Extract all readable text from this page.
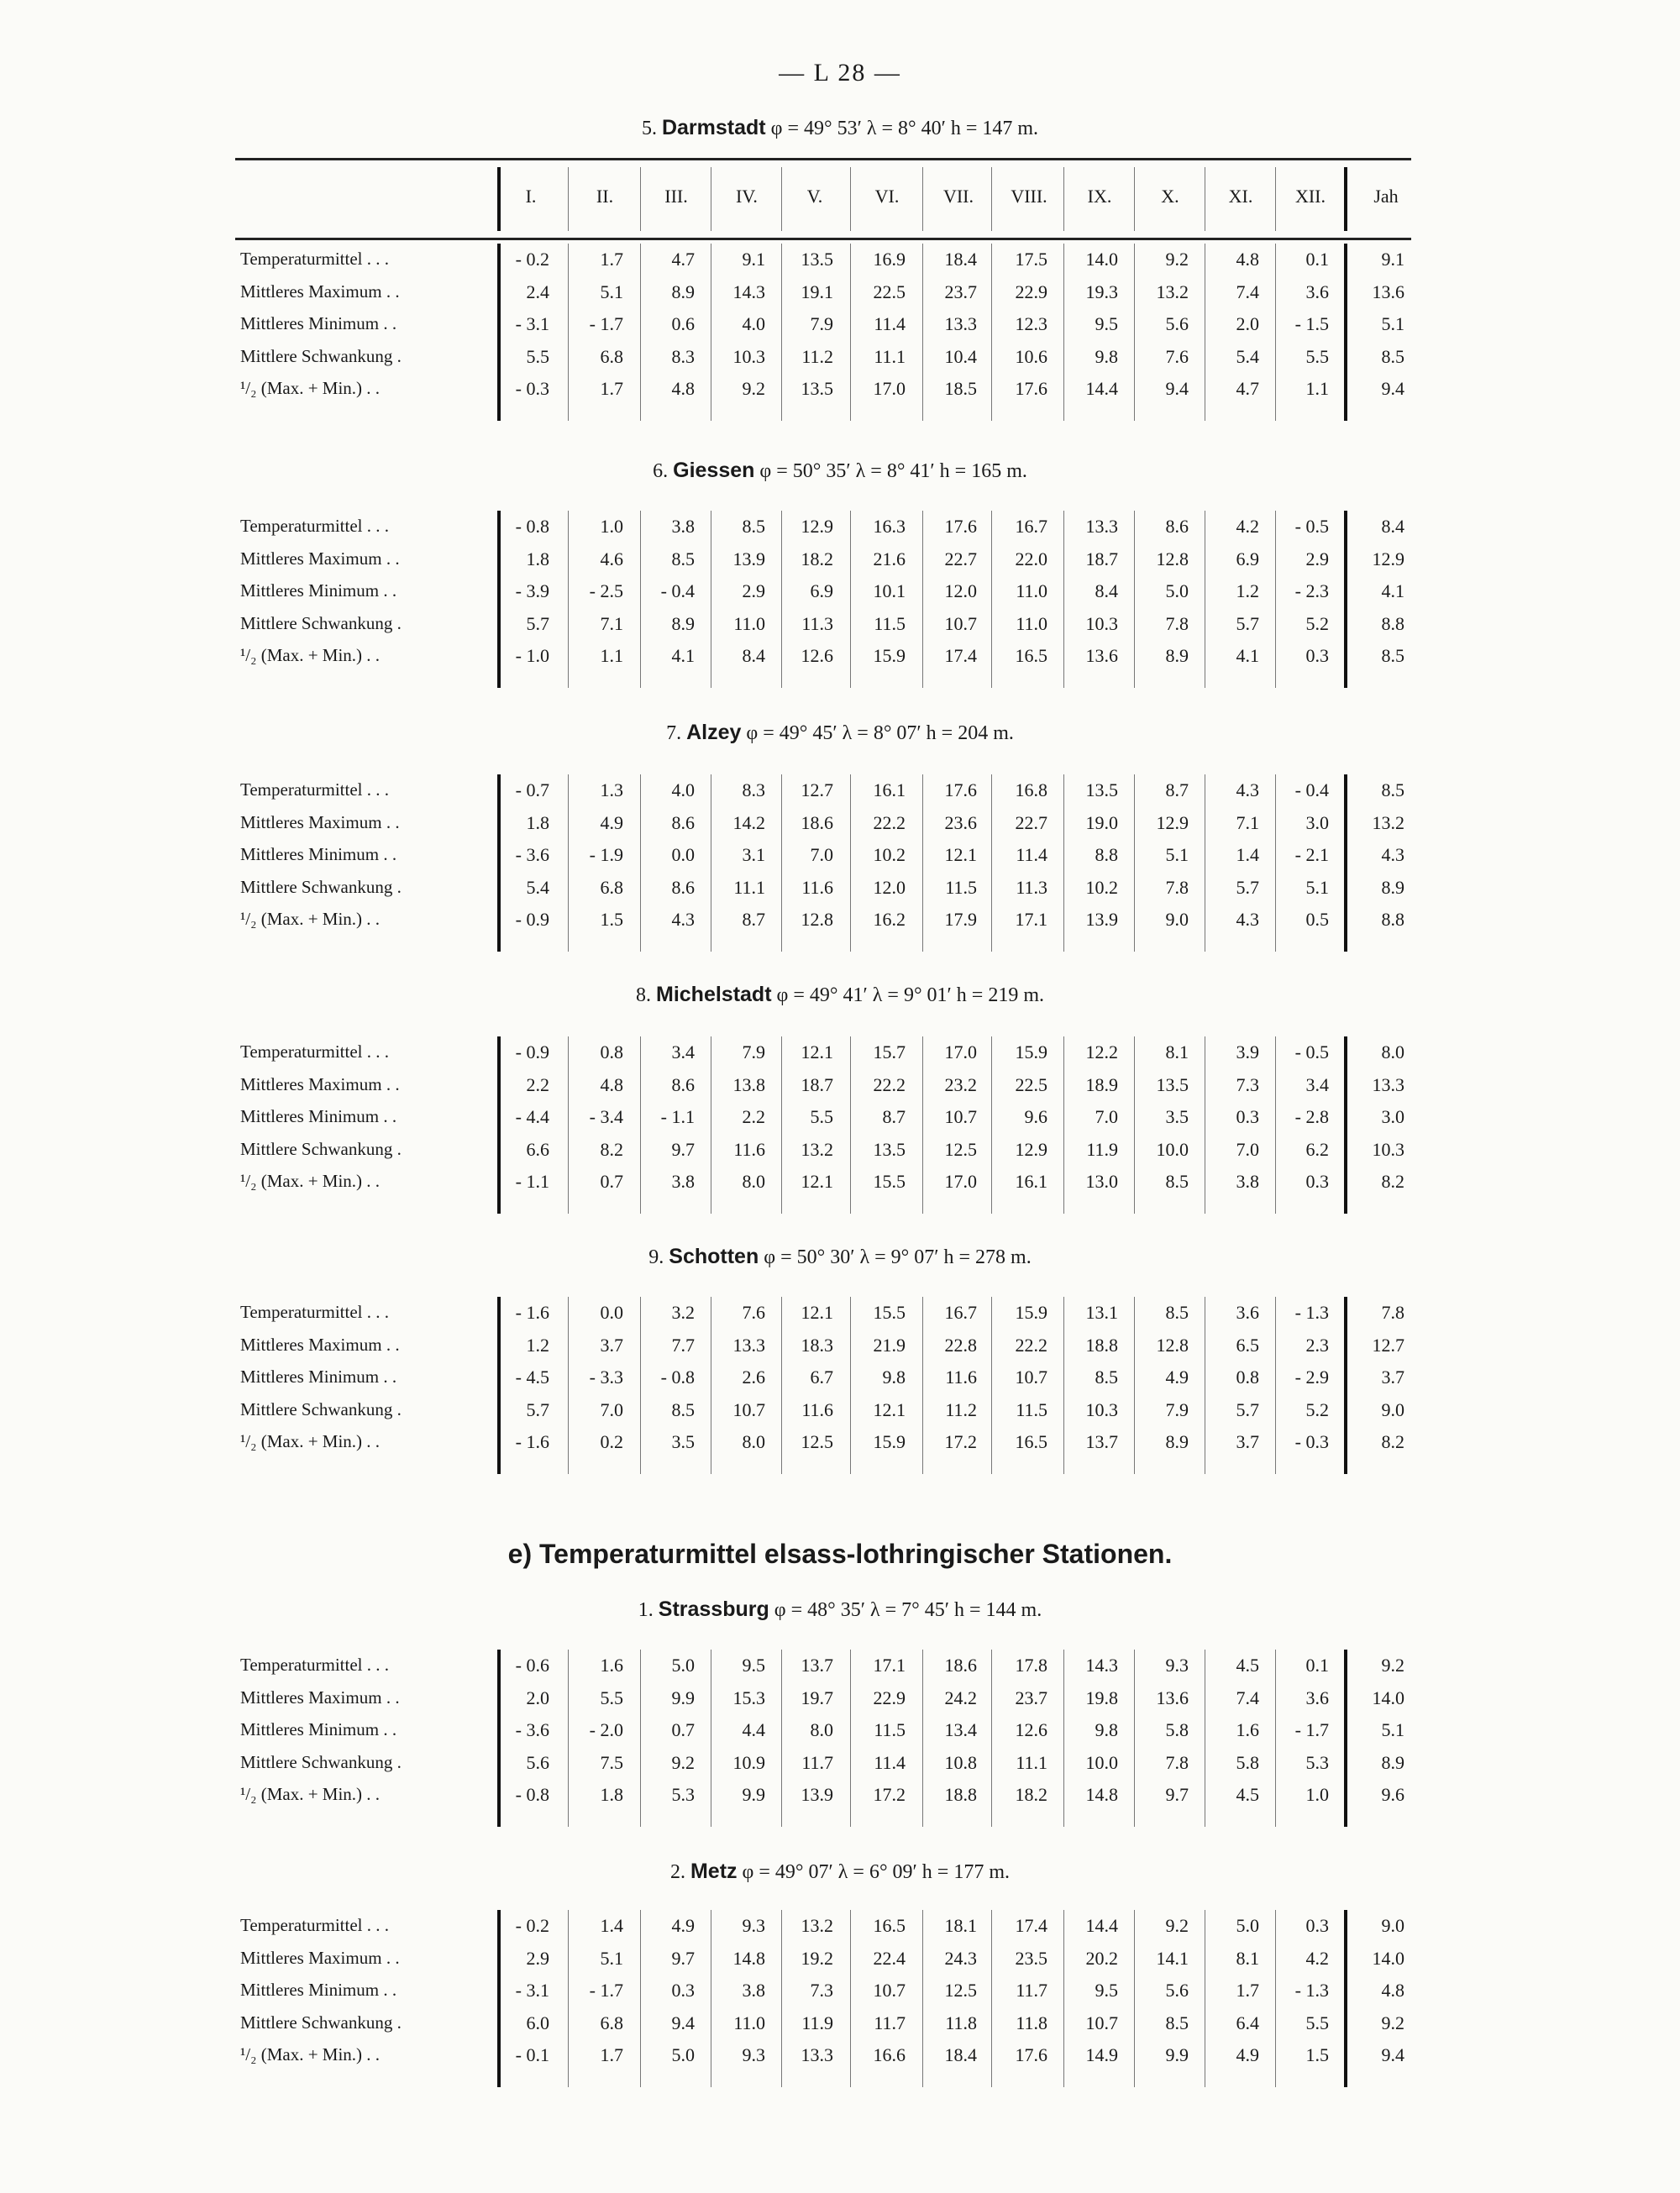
— L 28 —
I.	II.	III.	IV.	V.	VI.	VII.	VIII.	IX.	X.	XI.	XII.	Jah
e) Temperaturmittel elsass-lothringischer Stationen.
5. Darmstadt φ = 49° 53′ λ = 8° 40′ h = 147 m.
Temperaturmittel . . .	- 0.2	1.7	4.7	9.1	13.5	16.9	18.4	17.5	14.0	9.2	4.8	0.1	9.1
Mittleres Maximum . .	2.4	5.1	8.9	14.3	19.1	22.5	23.7	22.9	19.3	13.2	7.4	3.6	13.6
Mittleres Minimum . .	- 3.1	- 1.7	0.6	4.0	7.9	11.4	13.3	12.3	9.5	5.6	2.0	- 1.5	5.1
Mittlere Schwankung .	5.5	6.8	8.3	10.3	11.2	11.1	10.4	10.6	9.8	7.6	5.4	5.5	8.5
¹/₂ (Max. + Min.) . .	- 0.3	1.7	4.8	9.2	13.5	17.0	18.5	17.6	14.4	9.4	4.7	1.1	9.4
6. Giessen φ = 50° 35′ λ = 8° 41′ h = 165 m.
Temperaturmittel . . .	- 0.8	1.0	3.8	8.5	12.9	16.3	17.6	16.7	13.3	8.6	4.2	- 0.5	8.4
Mittleres Maximum . .	1.8	4.6	8.5	13.9	18.2	21.6	22.7	22.0	18.7	12.8	6.9	2.9	12.9
Mittleres Minimum . .	- 3.9	- 2.5	- 0.4	2.9	6.9	10.1	12.0	11.0	8.4	5.0	1.2	- 2.3	4.1
Mittlere Schwankung .	5.7	7.1	8.9	11.0	11.3	11.5	10.7	11.0	10.3	7.8	5.7	5.2	8.8
¹/₂ (Max. + Min.) . .	- 1.0	1.1	4.1	8.4	12.6	15.9	17.4	16.5	13.6	8.9	4.1	0.3	8.5
7. Alzey φ = 49° 45′ λ = 8° 07′ h = 204 m.
Temperaturmittel . . .	- 0.7	1.3	4.0	8.3	12.7	16.1	17.6	16.8	13.5	8.7	4.3	- 0.4	8.5
Mittleres Maximum . .	1.8	4.9	8.6	14.2	18.6	22.2	23.6	22.7	19.0	12.9	7.1	3.0	13.2
Mittleres Minimum . .	- 3.6	- 1.9	0.0	3.1	7.0	10.2	12.1	11.4	8.8	5.1	1.4	- 2.1	4.3
Mittlere Schwankung .	5.4	6.8	8.6	11.1	11.6	12.0	11.5	11.3	10.2	7.8	5.7	5.1	8.9
¹/₂ (Max. + Min.) . .	- 0.9	1.5	4.3	8.7	12.8	16.2	17.9	17.1	13.9	9.0	4.3	0.5	8.8
8. Michelstadt φ = 49° 41′ λ = 9° 01′ h = 219 m.
Temperaturmittel . . .	- 0.9	0.8	3.4	7.9	12.1	15.7	17.0	15.9	12.2	8.1	3.9	- 0.5	8.0
Mittleres Maximum . .	2.2	4.8	8.6	13.8	18.7	22.2	23.2	22.5	18.9	13.5	7.3	3.4	13.3
Mittleres Minimum . .	- 4.4	- 3.4	- 1.1	2.2	5.5	8.7	10.7	9.6	7.0	3.5	0.3	- 2.8	3.0
Mittlere Schwankung .	6.6	8.2	9.7	11.6	13.2	13.5	12.5	12.9	11.9	10.0	7.0	6.2	10.3
¹/₂ (Max. + Min.) . .	- 1.1	0.7	3.8	8.0	12.1	15.5	17.0	16.1	13.0	8.5	3.8	0.3	8.2
9. Schotten φ = 50° 30′ λ = 9° 07′ h = 278 m.
Temperaturmittel . . .	- 1.6	0.0	3.2	7.6	12.1	15.5	16.7	15.9	13.1	8.5	3.6	- 1.3	7.8
Mittleres Maximum . .	1.2	3.7	7.7	13.3	18.3	21.9	22.8	22.2	18.8	12.8	6.5	2.3	12.7
Mittleres Minimum . .	- 4.5	- 3.3	- 0.8	2.6	6.7	9.8	11.6	10.7	8.5	4.9	0.8	- 2.9	3.7
Mittlere Schwankung .	5.7	7.0	8.5	10.7	11.6	12.1	11.2	11.5	10.3	7.9	5.7	5.2	9.0
¹/₂ (Max. + Min.) . .	- 1.6	0.2	3.5	8.0	12.5	15.9	17.2	16.5	13.7	8.9	3.7	- 0.3	8.2
1. Strassburg φ = 48° 35′ λ = 7° 45′ h = 144 m.
Temperaturmittel . . .	- 0.6	1.6	5.0	9.5	13.7	17.1	18.6	17.8	14.3	9.3	4.5	0.1	9.2
Mittleres Maximum . .	2.0	5.5	9.9	15.3	19.7	22.9	24.2	23.7	19.8	13.6	7.4	3.6	14.0
Mittleres Minimum . .	- 3.6	- 2.0	0.7	4.4	8.0	11.5	13.4	12.6	9.8	5.8	1.6	- 1.7	5.1
Mittlere Schwankung .	5.6	7.5	9.2	10.9	11.7	11.4	10.8	11.1	10.0	7.8	5.8	5.3	8.9
¹/₂ (Max. + Min.) . .	- 0.8	1.8	5.3	9.9	13.9	17.2	18.8	18.2	14.8	9.7	4.5	1.0	9.6
2. Metz φ = 49° 07′ λ = 6° 09′ h = 177 m.
Temperaturmittel . . .	- 0.2	1.4	4.9	9.3	13.2	16.5	18.1	17.4	14.4	9.2	5.0	0.3	9.0
Mittleres Maximum . .	2.9	5.1	9.7	14.8	19.2	22.4	24.3	23.5	20.2	14.1	8.1	4.2	14.0
Mittleres Minimum . .	- 3.1	- 1.7	0.3	3.8	7.3	10.7	12.5	11.7	9.5	5.6	1.7	- 1.3	4.8
Mittlere Schwankung .	6.0	6.8	9.4	11.0	11.9	11.7	11.8	11.8	10.7	8.5	6.4	5.5	9.2
¹/₂ (Max. + Min.) . .	- 0.1	1.7	5.0	9.3	13.3	16.6	18.4	17.6	14.9	9.9	4.9	1.5	9.4
